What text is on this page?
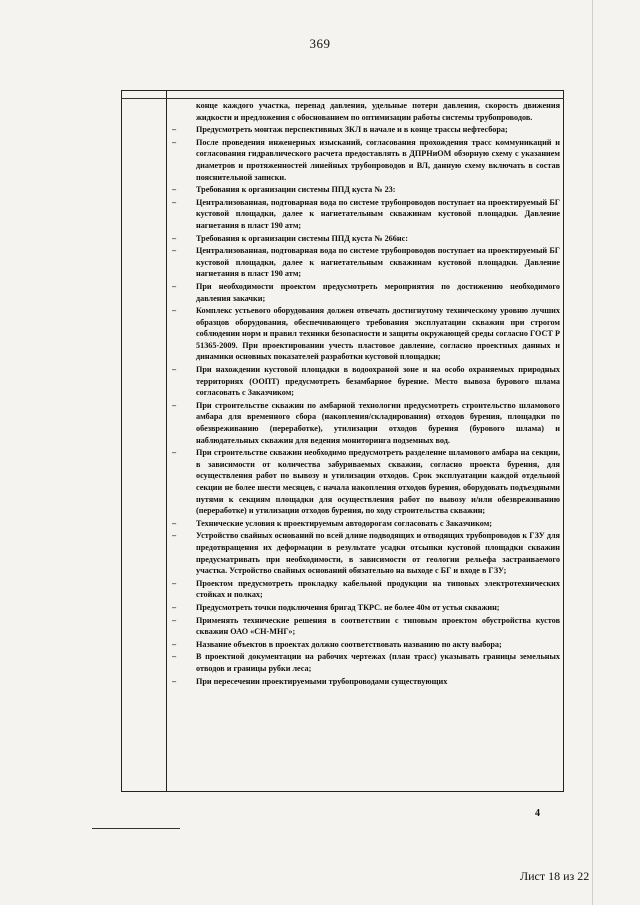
369

конце каждого участка, перепад давления, удельные потери давления, скорость движения жидкости и предложения с обоснованием по оптимизации работы системы трубопроводов.

–	Предусмотреть монтаж перспективных ЗКЛ в начале и в конце трассы нефтесбора;
–	После проведения инженерных изысканий, согласования прохождения трасс коммуникаций и согласования гидравлического расчета предоставлять в ДПРНиОМ обзорную схему с указанием диаметров и протяженностей линейных трубопроводов и ВЛ, данную схему включать в состав пояснительной записки.
–	Требования к организации системы ППД куста № 23:
–	Централизованная, подтоварная вода по системе трубопроводов поступает на проектируемый БГ кустовой площадки, далее к нагнетательным скважинам кустовой площадки. Давление нагнетания в пласт 190 атм;
–	Требования к организации системы ППД куста № 266нс:
–	Централизованная, подтоварная вода по системе трубопроводов поступает на проектируемый БГ кустовой площадки, далее к нагнетательным скважинам кустовой площадки. Давление нагнетания в пласт 190 атм;
–	При необходимости проектом предусмотреть мероприятия по достижению необходимого давления закачки;
–	Комплекс устьевого оборудования должен отвечать достигнутому техническому уровню лучших образцов оборудования, обеспечивающего требования эксплуатации скважин при строгом соблюдении норм и правил техники безопасности и защиты окружающей среды согласно ГОСТ Р 51365-2009. При проектировании учесть пластовое давление, согласно проектных данных и динамики основных показателей разработки кустовой площадки;
–	При нахождении кустовой площадки в водоохраной зоне и на особо охраняемых природных территориях (ООПТ) предусмотреть безамбарное бурение. Место вывоза бурового шлама согласовать с Заказчиком;
–	При строительстве скважин по амбарной технологии предусмотреть строительство шламового амбара для временного сбора (накопления/складирования) отходов бурения, площадки по обезвреживанию (переработке), утилизации отходов бурения (бурового шлама) и наблюдательных скважин для ведения мониторинга подземных вод.
–	При строительстве скважин необходимо предусмотреть разделение шламового амбара на секции, в зависимости от количества забуриваемых скважин, согласно проекта бурения, для осуществления работ по вывозу и утилизации отходов. Срок эксплуатации каждой отдельной секции не более шести месяцев, с начала накопления отходов бурения, оборудовать подъездными путями к секциям площадки для осуществления работ по вывозу и/или обезвреживанию (переработке) и утилизации отходов бурения, по ходу строительства скважин;
–	Технические условия к проектируемым автодорогам согласовать с Заказчиком;
–	Устройство свайных оснований по всей длине подводящих и отводящих трубопроводов к ГЗУ для предотвращения их деформации в результате усадки отсыпки кустовой площадки скважин предусматривать при необходимости, в зависимости от геологии рельефа застраиваемого участка. Устройство свайных оснований обязательно на выходе с БГ и входе в ГЗУ;
–	Проектом предусмотреть прокладку кабельной продукции на типовых электротехнических стойках и полках;
–	Предусмотреть точки подключения бригад ТКРС. не более 40м от устья скважин;
–	Применять технические решения в соответствии с типовым проектом обустройства кустов скважин ОАО «СН-МНГ»;
–	Название объектов в проектах должно соответствовать названию по акту выбора;
–	В проектной документации на рабочих чертежах (план трасс) указывать границы земельных отводов и границы рубки леса;
–	При пересечении проектируемыми трубопроводами существующих
4
Лист 18 из 22
